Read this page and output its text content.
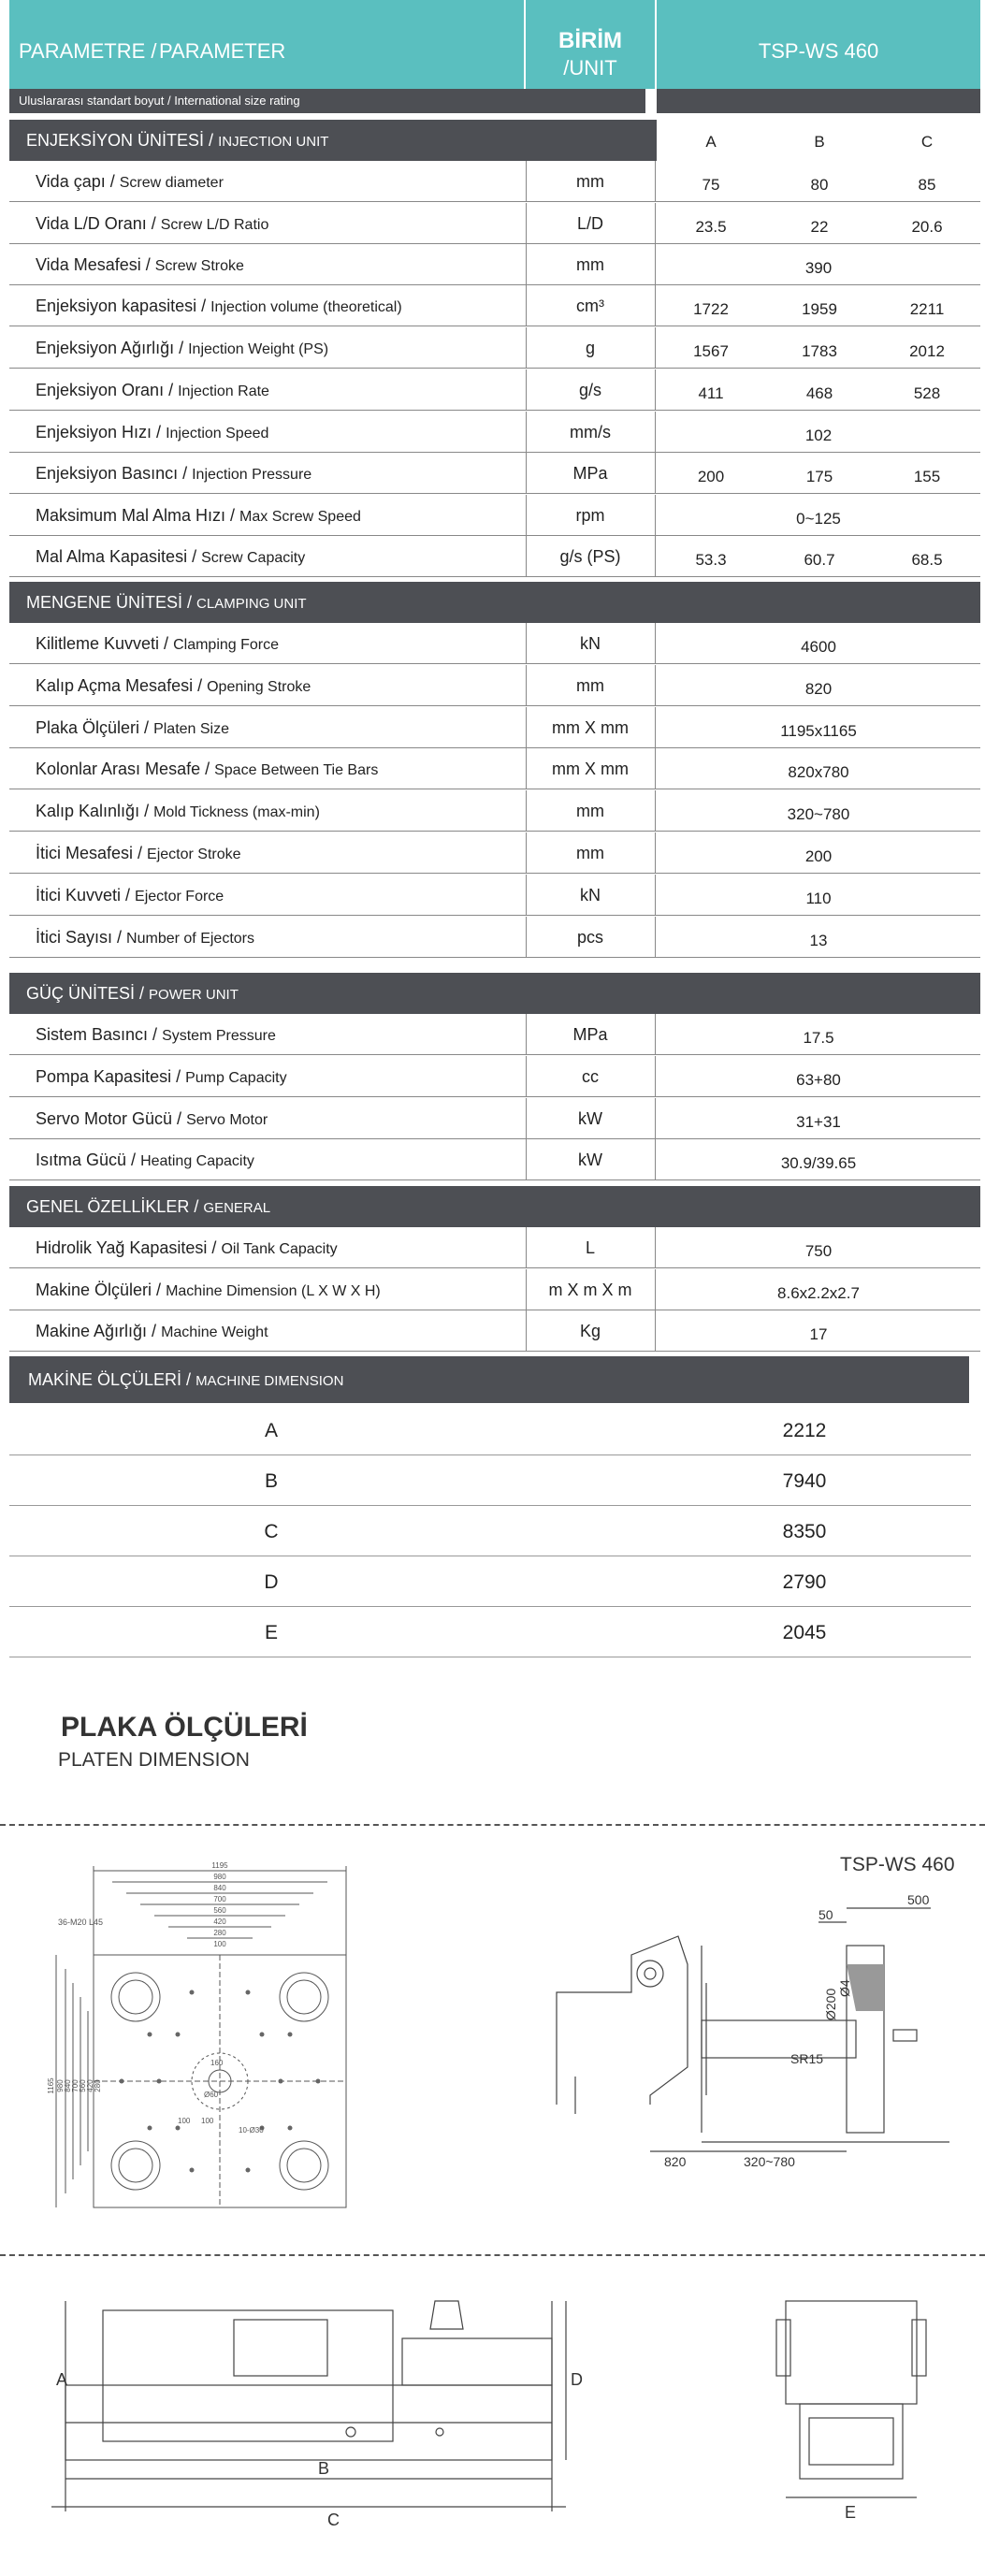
PARAMETRE / PARAMETER	BİRİM
/UNIT
TSP-WS 460
Uluslararası standart boyut / International size rating
ENJEKSİYON ÜNİTESİ / INJECTION UNIT	A	B	C
Vida çapı / Screw diameter	mm	75	80	85
Vida L/D Oranı / Screw L/D Ratio	L/D	23.5	22	20.6
Vida Mesafesi / Screw Stroke	mm	390
Enjeksiyon kapasitesi / Injection volume (theoretical)	cm³	1722	1959	2211
Enjeksiyon Ağırlığı / Injection Weight (PS)	g	1567	1783	2012
Enjeksiyon Oranı / Injection Rate	g/s	411	468	528
Enjeksiyon Hızı / Injection Speed	mm/s	102
Enjeksiyon Basıncı / Injection Pressure	MPa	200	175	155
Maksimum Mal Alma Hızı / Max Screw Speed	rpm	0~125
Mal Alma Kapasitesi / Screw Capacity	g/s (PS)	53.3	60.7	68.5
MENGENE ÜNİTESİ / CLAMPING UNIT
Kilitleme Kuvveti / Clamping Force	kN	4600
Kalıp Açma Mesafesi / Opening Stroke	mm	820
Plaka Ölçüleri / Platen Size	mm X mm	1195x1165
Kolonlar Arası Mesafe / Space Between Tie Bars	mm X mm	820x780
Kalıp Kalınlığı / Mold Tickness (max-min)	mm	320~780
İtici Mesafesi / Ejector Stroke	mm	200
İtici Kuvveti / Ejector Force	kN	110
İtici Sayısı / Number of Ejectors	pcs	13
GÜÇ ÜNİTESİ / POWER UNIT
Sistem Basıncı / System Pressure	MPa	17.5
Pompa Kapasitesi / Pump Capacity	cc	63+80
Servo Motor Gücü / Servo Motor	kW	31+31
Isıtma Gücü / Heating Capacity	kW	30.9/39.65
GENEL ÖZELLİKLER / GENERAL
Hidrolik Yağ Kapasitesi / Oil Tank Capacity	L	750
Makine Ölçüleri / Machine Dimension (L X W X H)	m X m X m	8.6x2.2x2.7
Makine Ağırlığı / Machine Weight	Kg	17
MAKİNE ÖLÇÜLERİ / MACHINE DIMENSION
A	2212
B	7940
C	8350
D	2790
E	2045
PLAKA ÖLÇÜLERİ
PLATEN DIMENSION
TSP-WS 460
1195
980
840
700
560
420
280
100
1165 980 840 700 560 420 280
36-M20 L45
10-Ø30
160
100 100
Ø60
500
50
Ø200
Ø4
SR15
820	320~780
A
B
C
D
E
